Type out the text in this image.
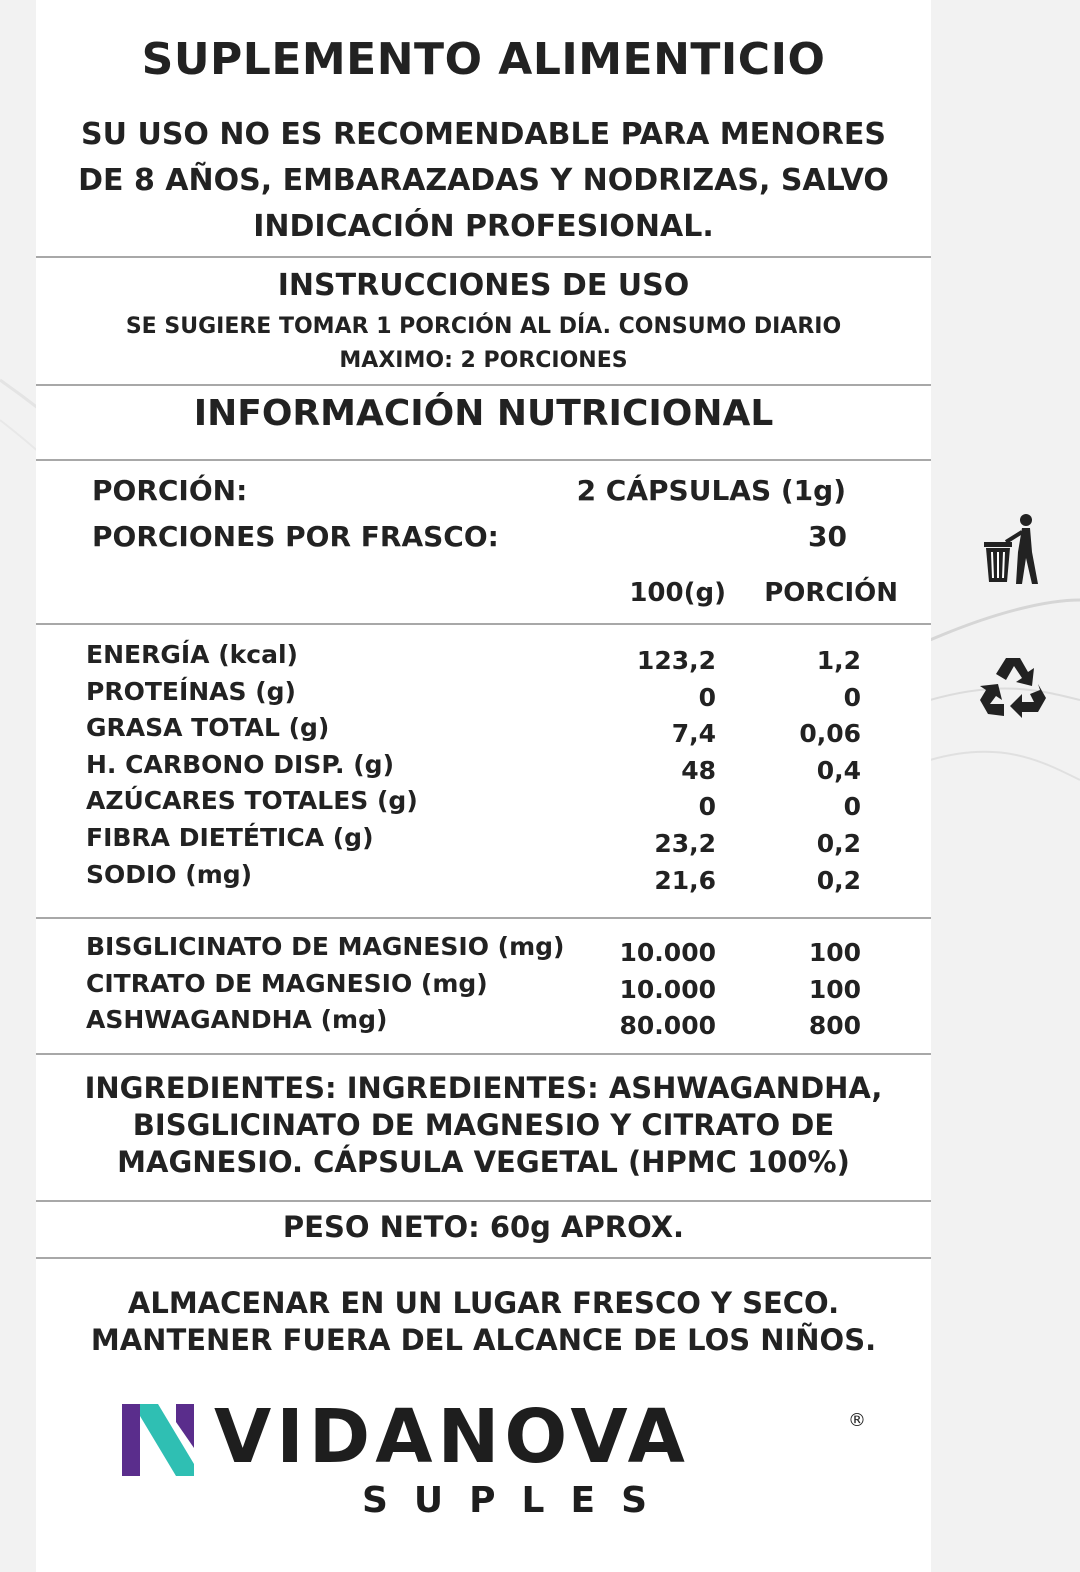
SUPLEMENTO ALIMENTICIO
SU USO NO ES RECOMENDABLE PARA MENORES
DE 8 AÑOS, EMBARAZADAS Y NODRIZAS, SALVO
INDICACIÓN PROFESIONAL.
INSTRUCCIONES DE USO
SE SUGIERE TOMAR 1 PORCIÓN AL DÍA. CONSUMO DIARIO
MAXIMO: 2 PORCIONES
INFORMACIÓN NUTRICIONAL
PORCIÓN:	2 CÁPSULAS (1g)
PORCIONES POR FRASCO:	30
100(g)	PORCIÓN
ENERGÍA (kcal)	123,2	1,2
PROTEÍNAS (g)	0	0
GRASA TOTAL (g)	7,4	0,06
H. CARBONO DISP. (g)	48	0,4
AZÚCARES TOTALES (g)	0	0
FIBRA DIETÉTICA (g)	23,2	0,2
SODIO (mg)	21,6	0,2
BISGLICINATO DE MAGNESIO (mg) 10.000	100
CITRATO DE MAGNESIO (mg)	10.000	100
ASHWAGANDHA (mg)	80.000	800
INGREDIENTES: INGREDIENTES: ASHWAGANDHA,
BISGLICINATO DE MAGNESIO Y CITRATO DE
MAGNESIO. CÁPSULA VEGETAL (HPMC 100%)
PESO NETO: 60g APROX.
ALMACENAR EN UN LUGAR FRESCO Y SECO.
MANTENER FUERA DEL ALCANCE DE LOS NIÑOS.
VIDANOVA	®
SUPLES
